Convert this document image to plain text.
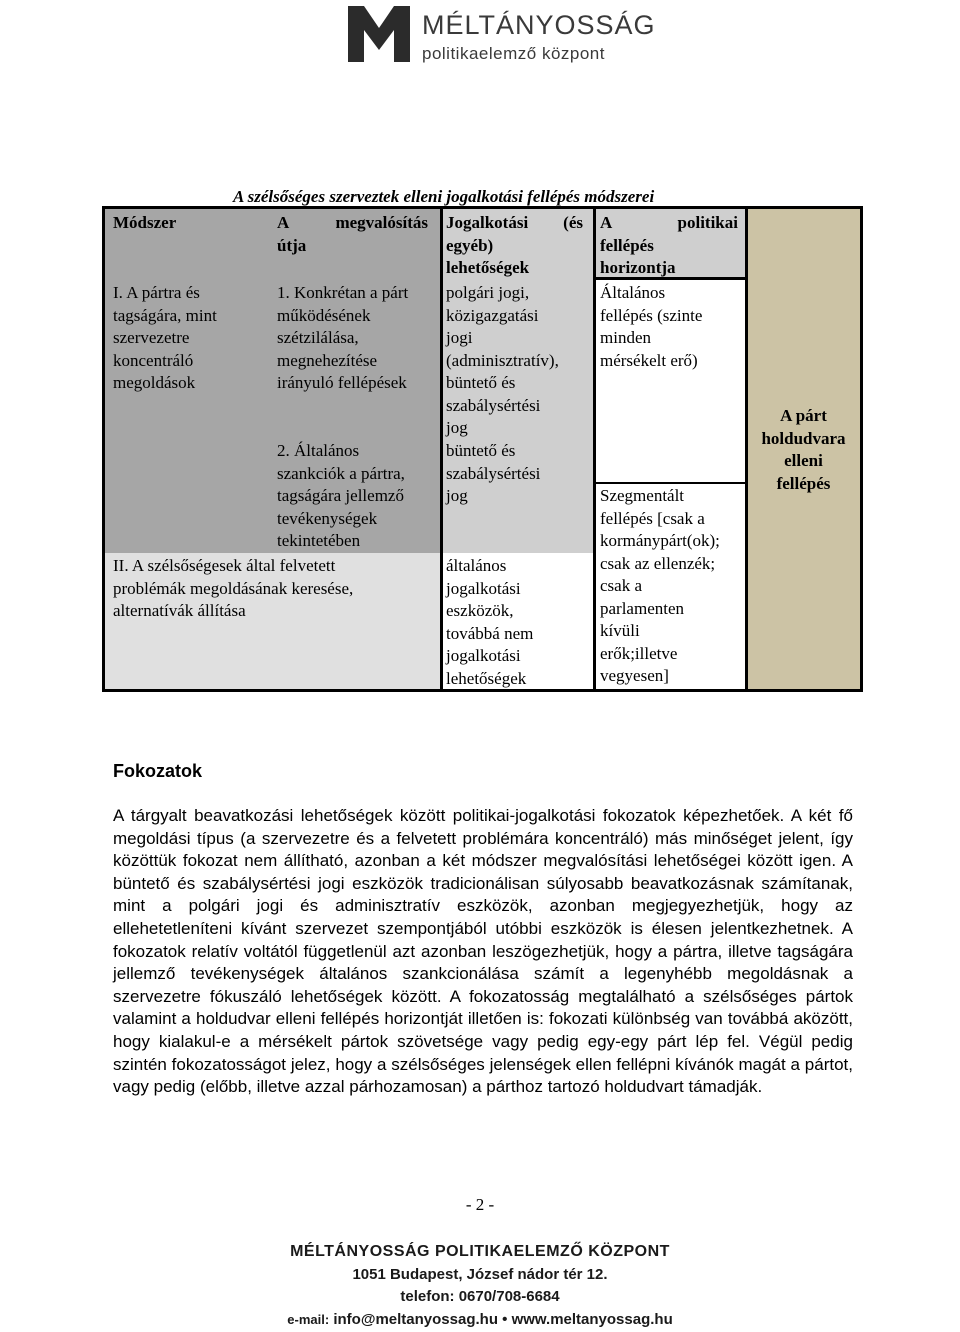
MÉLTÁNYOSSÁG
politikaelemző központ
A szélsőséges szerveztek elleni jogalkotási fellépés módszerei
Módszer	A megvalósítás
útja
Jogalkotási (és
egyéb)
lehetőségek
A politikai
fellépés
horizontja
I. A pártra és
tagságára, mint
szervezetre
koncentráló
megoldások
1. Konkrétan a párt
működésének
szétzilálása,
megnehezítése
irányuló fellépések
2. Általános
szankciók a pártra,
tagságára jellemző
tevékenységek
tekintetében
II. A szélsőségesek által felvetett
problémák megoldásának keresése,
alternatívák állítása
polgári jogi,
közigazgatási
jogi
(adminisztratív),
büntető és
szabálysértési
jog
büntető és
szabálysértési
jog
általános
jogalkotási
eszközök,
továbbá nem
jogalkotási
lehetőségek
Általános
fellépés (szinte
minden
mérsékelt erő)
Szegmentált
fellépés [csak a
kormánypárt(ok);
csak az ellenzék;
csak a
parlamenten
kívüli
erők;illetve
vegyesen]
A párt
holdudvara
elleni
fellépés
Fokozatok
A tárgyalt beavatkozási lehetőségek között politikai-jogalkotási fokozatok képezhetőek. A két fő megoldási típus (a szervezetre és a felvetett problémára koncentráló) más minőséget jelent, így közöttük fokozat nem állítható, azonban a két módszer megvalósítási lehetőségei között igen. A büntető és szabálysértési jogi eszközök tradicionálisan súlyosabb beavatkozásnak számítanak, mint a polgári jogi és adminisztratív eszközök, azonban megjegyezhetjük, hogy az ellehetetleníteni kívánt szervezet szempontjából utóbbi eszközök is élesen jelentkezhetnek. A fokozatok relatív voltától függetlenül azt azonban leszögezhetjük, hogy a pártra, illetve tagságára jellemző tevékenységek általános szankcionálása számít a legenyhébb megoldásnak a szervezetre fókuszáló lehetőségek között. A fokozatosság megtalálható a szélsőséges pártok valamint a holdudvar elleni fellépés horizontját illetően is: fokozati különbség van továbbá aközött, hogy kialakul-e a mérsékelt pártok szövetsége vagy pedig egy-egy párt lép fel. Végül pedig szintén fokozatosságot jelez, hogy a szélsőséges jelenségek ellen fellépni kívánók magát a pártot, vagy pedig (előbb, illetve azzal párhozamosan) a párthoz tartozó holdudvart támadják.
- 2 -
MÉLTÁNYOSSÁG POLITIKAELEMZŐ KÖZPONT
1051 Budapest, József nádor tér 12.
telefon: 0670/708-6684
e-mail: info@meltanyossag.hu • www.meltanyossag.hu
